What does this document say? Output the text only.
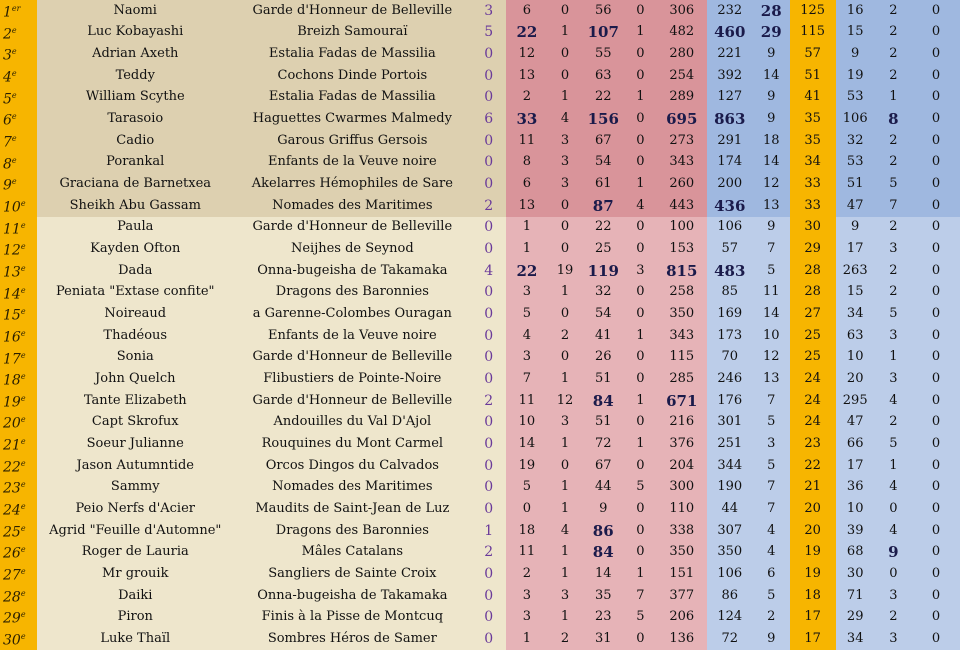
1er	Naomi	Garde d'Honneur de Belleville	3	6	0	56	0	306	232	28	125	16	2	0
2e	Luc Kobayashi	Breizh Samouraï	5	22	1	107	1	482	460	29	115	15	2	0
3e	Adrian Axeth	Estalia Fadas de Massilia	0	12	0	55	0	280	221	9	57	9	2	0
4e	Teddy	Cochons Dinde Portois	0	13	0	63	0	254	392	14	51	19	2	0
5e	William Scythe	Estalia Fadas de Massilia	0	2	1	22	1	289	127	9	41	53	1	0
6e	Tarasoio	Haguettes Cwarmes Malmedy	6	33	4	156	0	695	863	9	35	106	8	0
7e	Cadio	Garous Griffus Gersois	0	11	3	67	0	273	291	18	35	32	2	0
8e	Porankal	Enfants de la Veuve noire	0	8	3	54	0	343	174	14	34	53	2	0
9e	Graciana de Barnetxea	Akelarres Hémophiles de Sare	0	6	3	61	1	260	200	12	33	51	5	0
10e	Sheikh Abu Gassam	Nomades des Maritimes	2	13	0	87	4	443	436	13	33	47	7	0
11e	Paula	Garde d'Honneur de Belleville	0	1	0	22	0	100	106	9	30	9	2	0
12e	Kayden Ofton	Neijhes de Seynod	0	1	0	25	0	153	57	7	29	17	3	0
13e	Dada	Onna-bugeisha de Takamaka	4	22	19	119	3	815	483	5	28	263	2	0
14e	Peniata "Extase confite"	Dragons des Baronnies	0	3	1	32	0	258	85	11	28	15	2	0
15e	Noireaud	a Garenne-Colombes Ouragan	0	5	0	54	0	350	169	14	27	34	5	0
16e	Thadéous	Enfants de la Veuve noire	0	4	2	41	1	343	173	10	25	63	3	0
17e	Sonia	Garde d'Honneur de Belleville	0	3	0	26	0	115	70	12	25	10	1	0
18e	John Quelch	Flibustiers de Pointe-Noire	0	7	1	51	0	285	246	13	24	20	3	0
19e	Tante Elizabeth	Garde d'Honneur de Belleville	2	11	12	84	1	671	176	7	24	295	4	0
20e	Capt Skrofux	Andouilles du Val D'Ajol	0	10	3	51	0	216	301	5	24	47	2	0
21e	Soeur Julianne	Rouquines du Mont Carmel	0	14	1	72	1	376	251	3	23	66	5	0
22e	Jason Autumntide	Orcos Dingos du Calvados	0	19	0	67	0	204	344	5	22	17	1	0
23e	Sammy	Nomades des Maritimes	0	5	1	44	5	300	190	7	21	36	4	0
24e	Peio Nerfs d'Acier	Maudits de Saint-Jean de Luz	0	0	1	9	0	110	44	7	20	10	0	0
25e	Agrid "Feuille d'Automne"	Dragons des Baronnies	1	18	4	86	0	338	307	4	20	39	4	0
26e	Roger de Lauria	Mâles Catalans	2	11	1	84	0	350	350	4	19	68	9	0
27e	Mr grouik	Sangliers de Sainte Croix	0	2	1	14	1	151	106	6	19	30	0	0
28e	Daiki	Onna-bugeisha de Takamaka	0	3	3	35	7	377	86	5	18	71	3	0
29e	Piron	Finis à la Pisse de Montcuq	0	3	1	23	5	206	124	2	17	29	2	0
30e	Luke Thaïl	Sombres Héros de Samer	0	1	2	31	0	136	72	9	17	34	3	0
